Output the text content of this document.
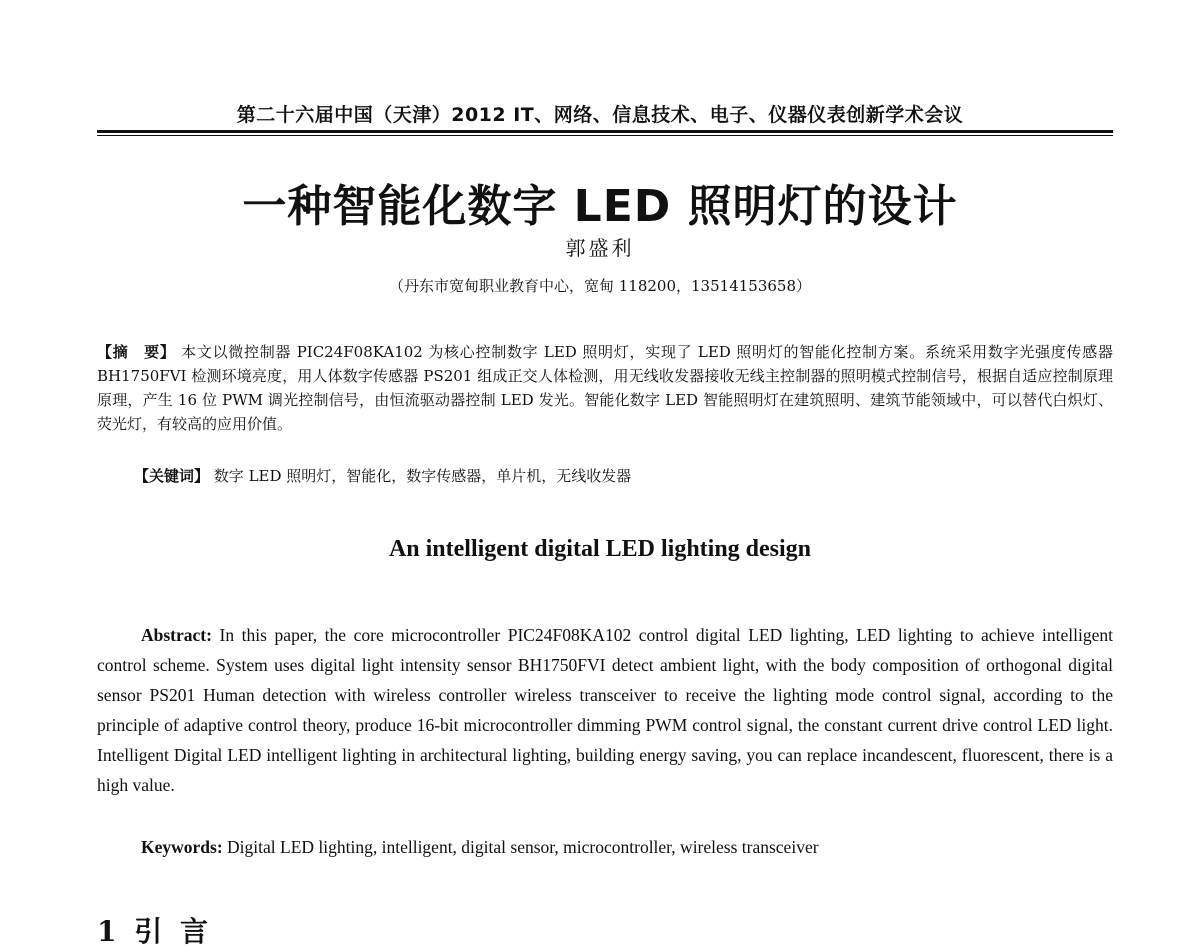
第二十六届中国（天津）2012 IT、网络、信息技术、电子、仪器仪表创新学术会议
一种智能化数字 LED 照明灯的设计
郭盛利
（丹东市宽甸职业教育中心，宽甸 118200，13514153658）
【摘　要】 本文以微控制器 PIC24F08KA102 为核心控制数字 LED 照明灯，实现了 LED 照明灯的智能化控制方案。系统采用数字光强度传感器 BH1750FVI 检测环境亮度，用人体数字传感器 PS201 组成正交人体检测，用无线收发器接收无线主控制器的照明模式控制信号，根据自适应控制原理原理，产生 16 位 PWM 调光控制信号，由恒流驱动器控制 LED 发光。智能化数字 LED 智能照明灯在建筑照明、建筑节能领域中，可以替代白炽灯、荧光灯，有较高的应用价值。
【关键词】 数字 LED 照明灯，智能化，数字传感器，单片机，无线收发器
An intelligent digital LED lighting design
Abstract: In this paper, the core microcontroller PIC24F08KA102 control digital LED lighting, LED lighting to achieve intelligent control scheme. System uses digital light intensity sensor BH1750FVI detect ambient light, with the body composition of orthogonal digital sensor PS201 Human detection with wireless controller wireless transceiver to receive the lighting mode control signal, according to the principle of adaptive control theory, produce 16-bit microcontroller dimming PWM control signal, the constant current drive control LED light. Intelligent Digital LED intelligent lighting in architectural lighting, building energy saving, you can replace incandescent, fluorescent, there is a high value.
Keywords: Digital LED lighting, intelligent, digital sensor, microcontroller, wireless transceiver
1 引 言
